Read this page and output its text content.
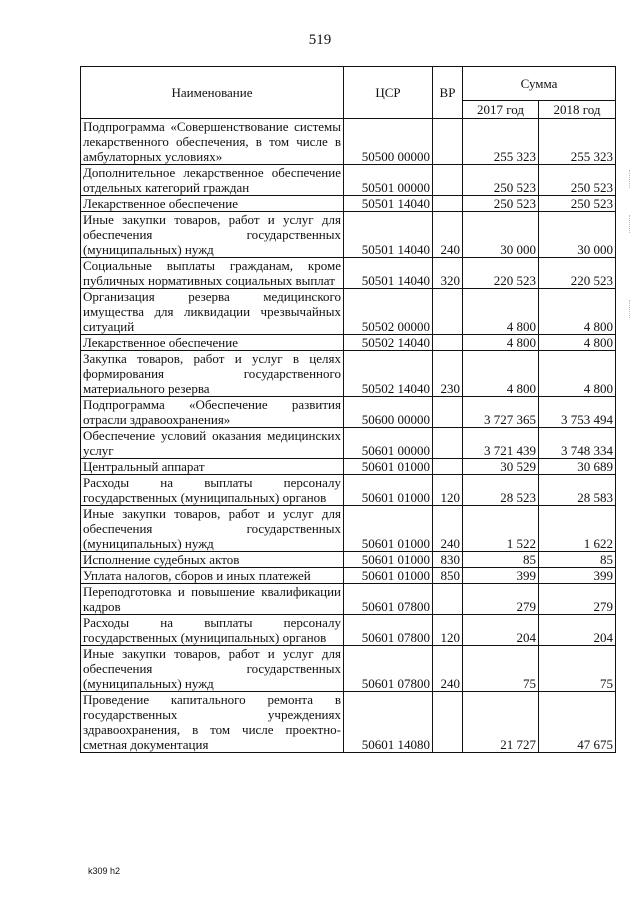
519
Наименование	ЦСР	ВР	Сумма	
			2017 год	2018 год
Подпрограмма «Совершенствование системы лекарственного обеспечения, в том числе в амбулаторных условиях»	50500 00000		255 323	255 323
Дополнительное лекарственное обеспечение отдельных категорий граждан	50501 00000		250 523	250 523
Лекарственное обеспечение	50501 14040		250 523	250 523
Иные закупки товаров, работ и услуг для обеспечения государственных (муниципальных) нужд	50501 14040	240	30 000	30 000
Социальные выплаты гражданам, кроме публичных нормативных социальных выплат	50501 14040	320	220 523	220 523
Организация резерва медицинского имущества для ликвидации чрезвычайных ситуаций	50502 00000		4 800	4 800
Лекарственное обеспечение	50502 14040		4 800	4 800
Закупка товаров, работ и услуг в целях формирования государственного материального резерва	50502 14040	230	4 800	4 800
Подпрограмма «Обеспечение развития отрасли здравоохранения»	50600 00000		3 727 365	3 753 494
Обеспечение условий оказания медицинских услуг	50601 00000		3 721 439	3 748 334
Центральный аппарат	50601 01000		30 529	30 689
Расходы на выплаты персоналу государственных (муниципальных) органов	50601 01000	120	28 523	28 583
Иные закупки товаров, работ и услуг для обеспечения государственных (муниципальных) нужд	50601 01000	240	1 522	1 622
Исполнение судебных актов	50601 01000	830	85	85
Уплата налогов, сборов и иных платежей	50601 01000	850	399	399
Переподготовка и повышение квалификации кадров	50601 07800		279	279
Расходы на выплаты персоналу государственных (муниципальных) органов	50601 07800	120	204	204
Иные закупки товаров, работ и услуг для обеспечения государственных (муниципальных) нужд	50601 07800	240	75	75
Проведение капитального ремонта в государственных учреждениях здравоохранения, в том числе проектно-сметная документация	50601 14080		21 727	47 675
k309 h2
